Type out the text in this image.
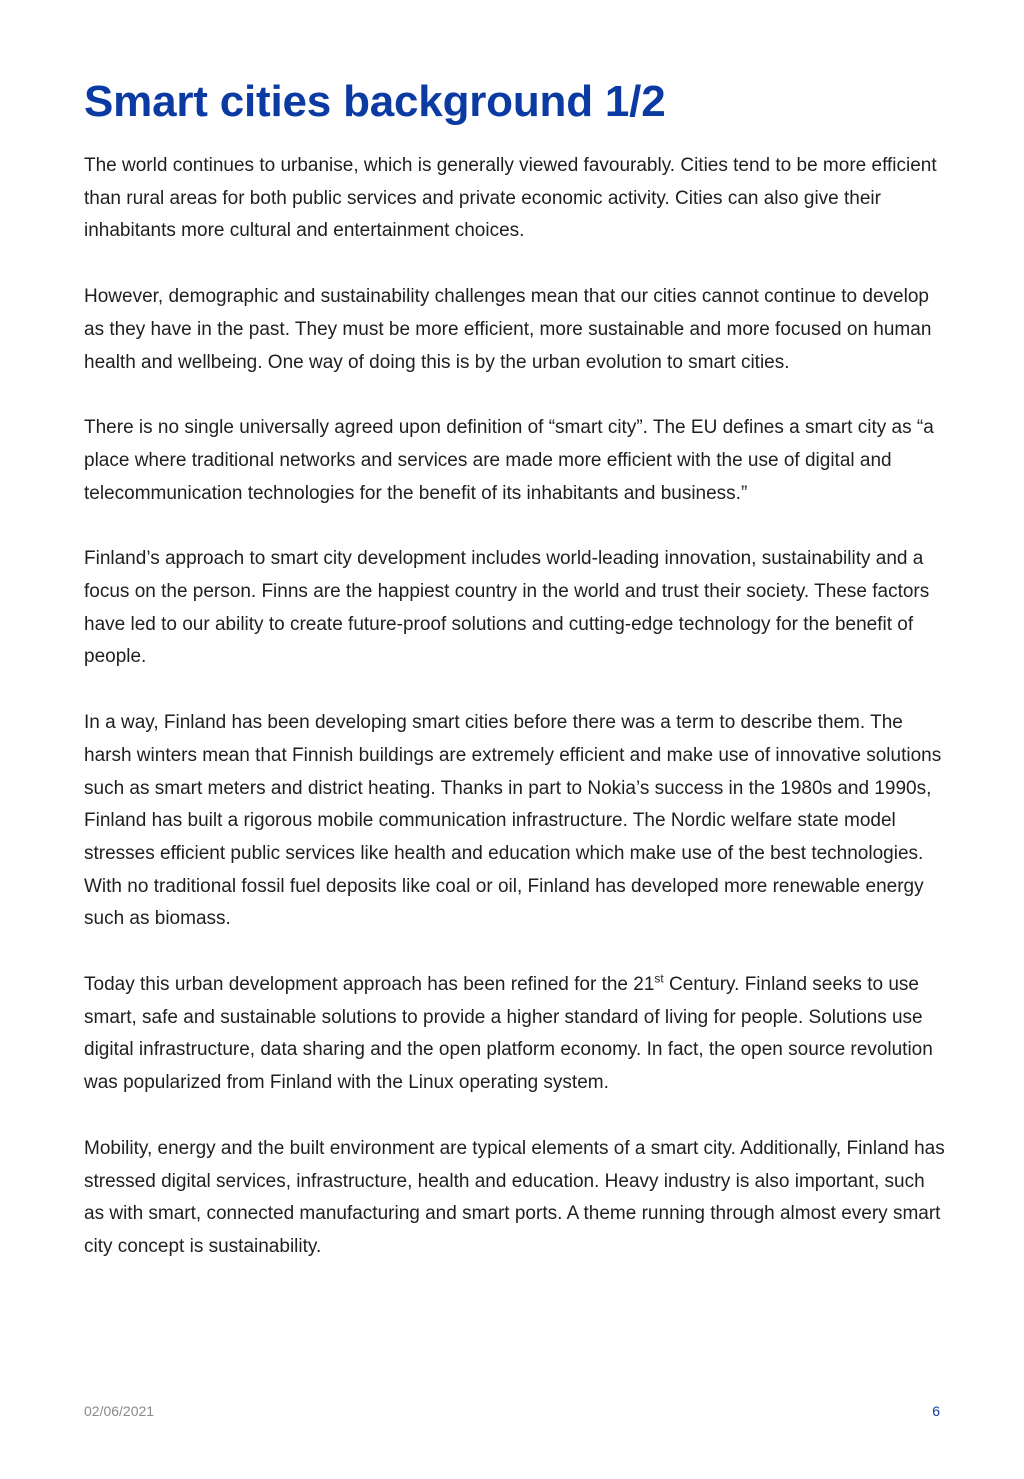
Smart cities background 1/2

The world continues to urbanise, which is generally viewed favourably. Cities tend to be more efficient than rural areas for both public services and private economic activity. Cities can also give their inhabitants more cultural and entertainment choices.

However, demographic and sustainability challenges mean that our cities cannot continue to develop as they have in the past. They must be more efficient, more sustainable and more focused on human health and wellbeing. One way of doing this is by the urban evolution to smart cities.

There is no single universally agreed upon definition of “smart city”. The EU defines a smart city as “a place where traditional networks and services are made more efficient with the use of digital and telecommunication technologies for the benefit of its inhabitants and business.”

Finland’s approach to smart city development includes world-leading innovation, sustainability and a focus on the person. Finns are the happiest country in the world and trust their society. These factors have led to our ability to create future-proof solutions and cutting-edge technology for the benefit of people.

In a way, Finland has been developing smart cities before there was a term to describe them. The harsh winters mean that Finnish buildings are extremely efficient and make use of innovative solutions such as smart meters and district heating. Thanks in part to Nokia’s success in the 1980s and 1990s, Finland has built a rigorous mobile communication infrastructure. The Nordic welfare state model stresses efficient public services like health and education which make use of the best technologies. With no traditional fossil fuel deposits like coal or oil, Finland has developed more renewable energy such as biomass.

Today this urban development approach has been refined for the 21st Century. Finland seeks to use smart, safe and sustainable solutions to provide a higher standard of living for people. Solutions use digital infrastructure, data sharing and the open platform economy. In fact, the open source revolution was popularized from Finland with the Linux operating system.

Mobility, energy and the built environment are typical elements of a smart city. Additionally, Finland has stressed digital services, infrastructure, health and education. Heavy industry is also important, such as with smart, connected manufacturing and smart ports. A theme running through almost every smart city concept is sustainability.

02/06/2021	6
